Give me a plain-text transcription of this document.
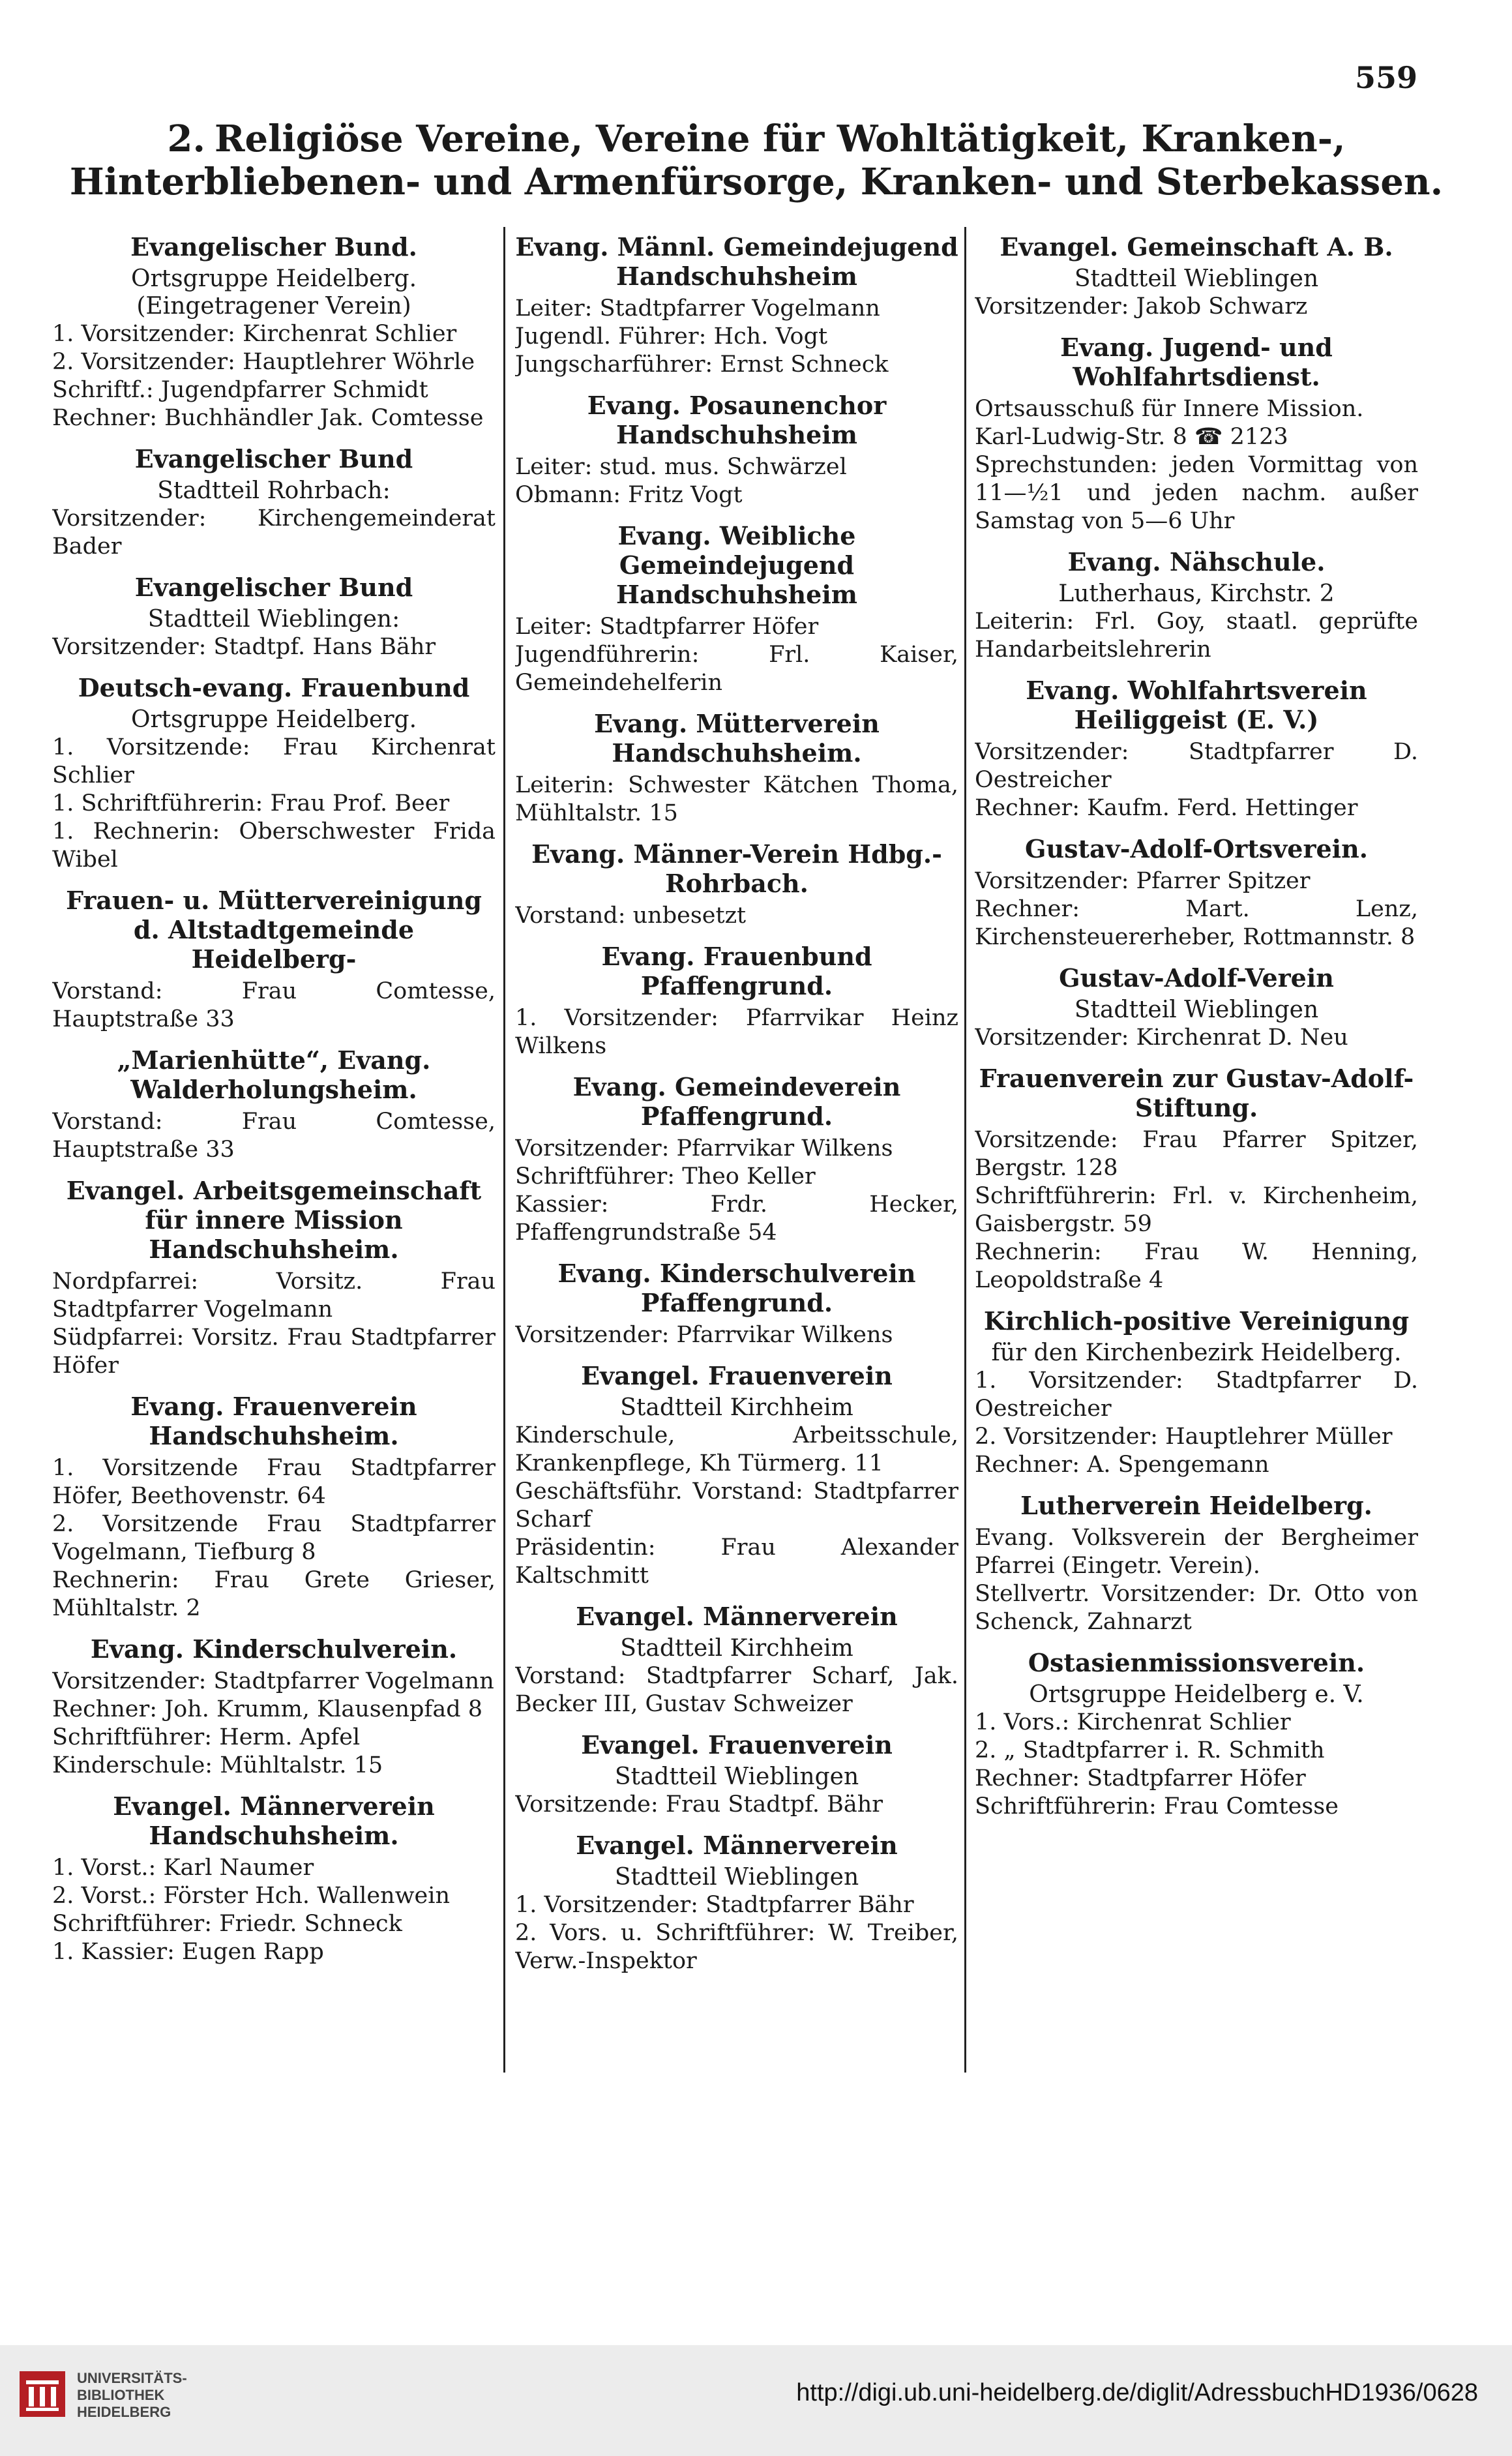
559
2. Religiöse Vereine, Vereine für Wohltätigkeit, Kranken-, Hinterbliebenen- und Armenfürsorge, Kranken- und Sterbekassen.
Evangelischer Bund.
Ortsgruppe Heidelberg.
(Eingetragener Verein)
1. Vorsitzender: Kirchenrat Schlier
2. Vorsitzender: Hauptlehrer Wöhrle
Schriftf.: Jugendpfarrer Schmidt
Rechner: Buchhändler Jak. Comtesse
Evangelischer Bund
Stadtteil Rohrbach:
Vorsitzender: Kirchengemeinderat Bader
Evangelischer Bund
Stadtteil Wieblingen:
Vorsitzender: Stadtpf. Hans Bähr
Deutsch-evang. Frauenbund
Ortsgruppe Heidelberg.
1. Vorsitzende: Frau Kirchenrat Schlier
1. Schriftführerin: Frau Prof. Beer
1. Rechnerin: Oberschwester Frida Wibel
Frauen- u. Müttervereinigung d. Altstadtgemeinde Heidelberg-
Vorstand: Frau Comtesse, Hauptstraße 33
„Marienhütte“, Evang. Walderholungsheim.
Vorstand: Frau Comtesse, Hauptstraße 33
Evangel. Arbeitsgemeinschaft für innere Mission Handschuhsheim.
Nordpfarrei: Vorsitz. Frau Stadtpfarrer Vogelmann
Südpfarrei: Vorsitz. Frau Stadtpfarrer Höfer
Evang. Frauenverein Handschuhsheim.
1. Vorsitzende Frau Stadtpfarrer Höfer, Beethovenstr. 64
2. Vorsitzende Frau Stadtpfarrer Vogelmann, Tiefburg 8
Rechnerin: Frau Grete Grieser, Mühltalstr. 2
Evang. Kinderschulverein.
Vorsitzender: Stadtpfarrer Vogelmann
Rechner: Joh. Krumm, Klausenpfad 8
Schriftführer: Herm. Apfel
Kinderschule: Mühltalstr. 15
Evangel. Männerverein Handschuhsheim.
1. Vorst.: Karl Naumer
2. Vorst.: Förster Hch. Wallenwein
Schriftführer: Friedr. Schneck
1. Kassier: Eugen Rapp
Evang. Männl. Gemeindejugend Handschuhsheim
Leiter: Stadtpfarrer Vogelmann
Jugendl. Führer: Hch. Vogt
Jungscharführer: Ernst Schneck
Evang. Posaunenchor Handschuhsheim
Leiter: stud. mus. Schwärzel
Obmann: Fritz Vogt
Evang. Weibliche Gemeindejugend Handschuhsheim
Leiter: Stadtpfarrer Höfer
Jugendführerin: Frl. Kaiser, Gemeindehelferin
Evang. Mütterverein Handschuhsheim.
Leiterin: Schwester Kätchen Thoma, Mühltalstr. 15
Evang. Männer-Verein Hdbg.-Rohrbach.
Vorstand: unbesetzt
Evang. Frauenbund Pfaffengrund.
1. Vorsitzender: Pfarrvikar Heinz Wilkens
Evang. Gemeindeverein Pfaffengrund.
Vorsitzender: Pfarrvikar Wilkens
Schriftführer: Theo Keller
Kassier: Frdr. Hecker, Pfaffengrundstraße 54
Evang. Kinderschulverein Pfaffengrund.
Vorsitzender: Pfarrvikar Wilkens
Evangel. Frauenverein
Stadtteil Kirchheim
Kinderschule, Arbeitsschule, Krankenpflege, Kh Türmerg. 11
Geschäftsführ. Vorstand: Stadtpfarrer Scharf
Präsidentin: Frau Alexander Kaltschmitt
Evangel. Männerverein
Stadtteil Kirchheim
Vorstand: Stadtpfarrer Scharf, Jak. Becker III, Gustav Schweizer
Evangel. Frauenverein
Stadtteil Wieblingen
Vorsitzende: Frau Stadtpf. Bähr
Evangel. Männerverein
Stadtteil Wieblingen
1. Vorsitzender: Stadtpfarrer Bähr
2. Vors. u. Schriftführer: W. Treiber, Verw.-Inspektor
Evangel. Gemeinschaft A. B.
Stadtteil Wieblingen
Vorsitzender: Jakob Schwarz
Evang. Jugend- und Wohlfahrtsdienst.
Ortsausschuß für Innere Mission.
Karl-Ludwig-Str. 8 ☎ 2123
Sprechstunden: jeden Vormittag von 11—½1 und jeden nachm. außer Samstag von 5—6 Uhr
Evang. Nähschule.
Lutherhaus, Kirchstr. 2
Leiterin: Frl. Goy, staatl. geprüfte Handarbeitslehrerin
Evang. Wohlfahrtsverein Heiliggeist (E. V.)
Vorsitzender: Stadtpfarrer D. Oestreicher
Rechner: Kaufm. Ferd. Hettinger
Gustav-Adolf-Ortsverein.
Vorsitzender: Pfarrer Spitzer
Rechner: Mart. Lenz, Kirchensteuererheber, Rottmannstr. 8
Gustav-Adolf-Verein
Stadtteil Wieblingen
Vorsitzender: Kirchenrat D. Neu
Frauenverein zur Gustav-Adolf-Stiftung.
Vorsitzende: Frau Pfarrer Spitzer, Bergstr. 128
Schriftführerin: Frl. v. Kirchenheim, Gaisbergstr. 59
Rechnerin: Frau W. Henning, Leopoldstraße 4
Kirchlich-positive Vereinigung
für den Kirchenbezirk Heidelberg.
1. Vorsitzender: Stadtpfarrer D. Oestreicher
2. Vorsitzender: Hauptlehrer Müller
Rechner: A. Spengemann
Lutherverein Heidelberg.
Evang. Volksverein der Bergheimer Pfarrei (Eingetr. Verein).
Stellvertr. Vorsitzender: Dr. Otto von Schenck, Zahnarzt
Ostasienmissionsverein.
Ortsgruppe Heidelberg e. V.
1. Vors.: Kirchenrat Schlier
2. „ Stadtpfarrer i. R. Schmith
Rechner: Stadtpfarrer Höfer
Schriftführerin: Frau Comtesse
UNIVERSITÄTS- BIBLIOTHEK HEIDELBERG
http://digi.ub.uni-heidelberg.de/diglit/AdressbuchHD1936/0628
